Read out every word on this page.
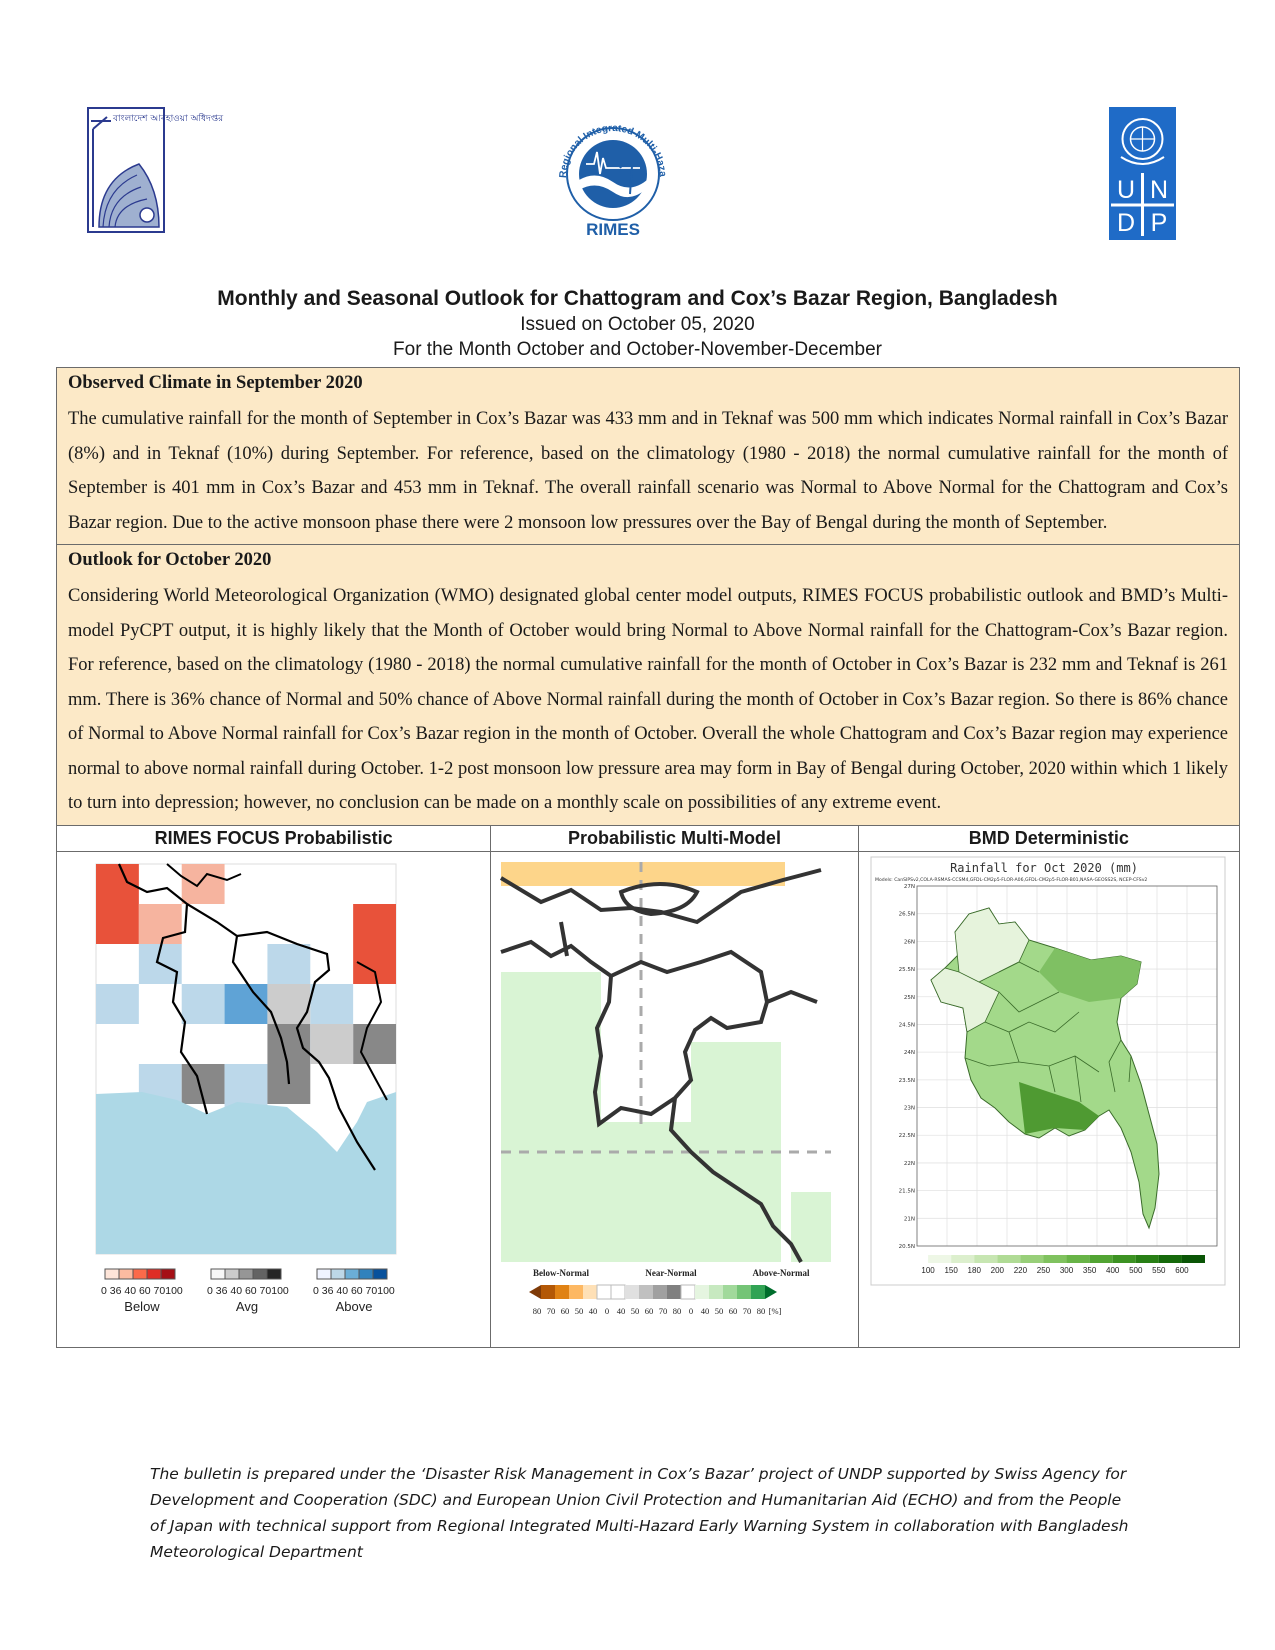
বাংলাদেশ আবহাওয়া অধিদপ্তর
Regional Integrated Multi-Haza
RIMES
U N
D P

Monthly and Seasonal Outlook for Chattogram and Cox’s Bazar Region, Bangladesh

Issued on October 05, 2020

For the Month October and October-November-December

Observed Climate in September 2020

The cumulative rainfall for the month of September in Cox’s Bazar was 433 mm and in Teknaf was 500 mm which indicates Normal rainfall in Cox’s Bazar (8%) and in Teknaf (10%) during September. For reference, based on the climatology (1980 - 2018) the normal cumulative rainfall for the month of September is 401 mm in Cox’s Bazar and 453 mm in Teknaf. The overall rainfall scenario was Normal to Above Normal for the Chattogram and Cox’s Bazar region. Due to the active monsoon phase there were 2 monsoon low pressures over the Bay of Bengal during the month of September.

Outlook for October 2020

Considering World Meteorological Organization (WMO) designated global center model outputs, RIMES FOCUS probabilistic outlook and BMD’s Multi-model PyCPT output, it is highly likely that the Month of October would bring Normal to Above Normal rainfall for the Chattogram-Cox’s Bazar region. For reference, based on the climatology (1980 - 2018) the normal cumulative rainfall for the month of October in Cox’s Bazar is 232 mm and Teknaf is 261 mm. There is 36% chance of Normal and 50% chance of Above Normal rainfall during the month of October in Cox’s Bazar region. So there is 86% chance of Normal to Above Normal rainfall for Cox’s Bazar region in the month of October. Overall the whole Chattogram and Cox’s Bazar region may experience normal to above normal rainfall during October. 1-2 post monsoon low pressure area may form in Bay of Bengal during October, 2020 within which 1 likely to turn into depression; however, no conclusion can be made on a monthly scale on possibilities of any extreme event.

RIMES FOCUS Probabilistic
0 36 40 60 70100 0 36 40 60 70100 0 36 40 60 70100
Below	Avg	Above
Probabilistic Multi-Model
Below-Normal	Near-Normal	Above-Normal
80 70 60 50 40 0 40 50 60 70 80 0 40 50 60 70 80 [%]
BMD Deterministic
Rainfall for Oct 2020 (mm)
Models: CanSIPSv2,COLA-RSMAS-CCSM4,GFDL-CM2p5-FLOR-A06,GFDL-CM2p5-FLOR-B01,NASA-GEOSS2S, NCEP-CFSv2
27N
26.5N
26N
25.5N
25N
24.5N
24N
23.5N
23N
22.5N
22N
21.5N
21N
20.5N
100 150 180 200 220 250 300 350 400 500 550 600
The bulletin is prepared under the ‘Disaster Risk Management in Cox’s Bazar’ project of UNDP supported by Swiss Agency for Development and Cooperation (SDC) and European Union Civil Protection and Humanitarian Aid (ECHO) and from the People of Japan with technical support from Regional Integrated Multi-Hazard Early Warning System in collaboration with Bangladesh Meteorological Department
